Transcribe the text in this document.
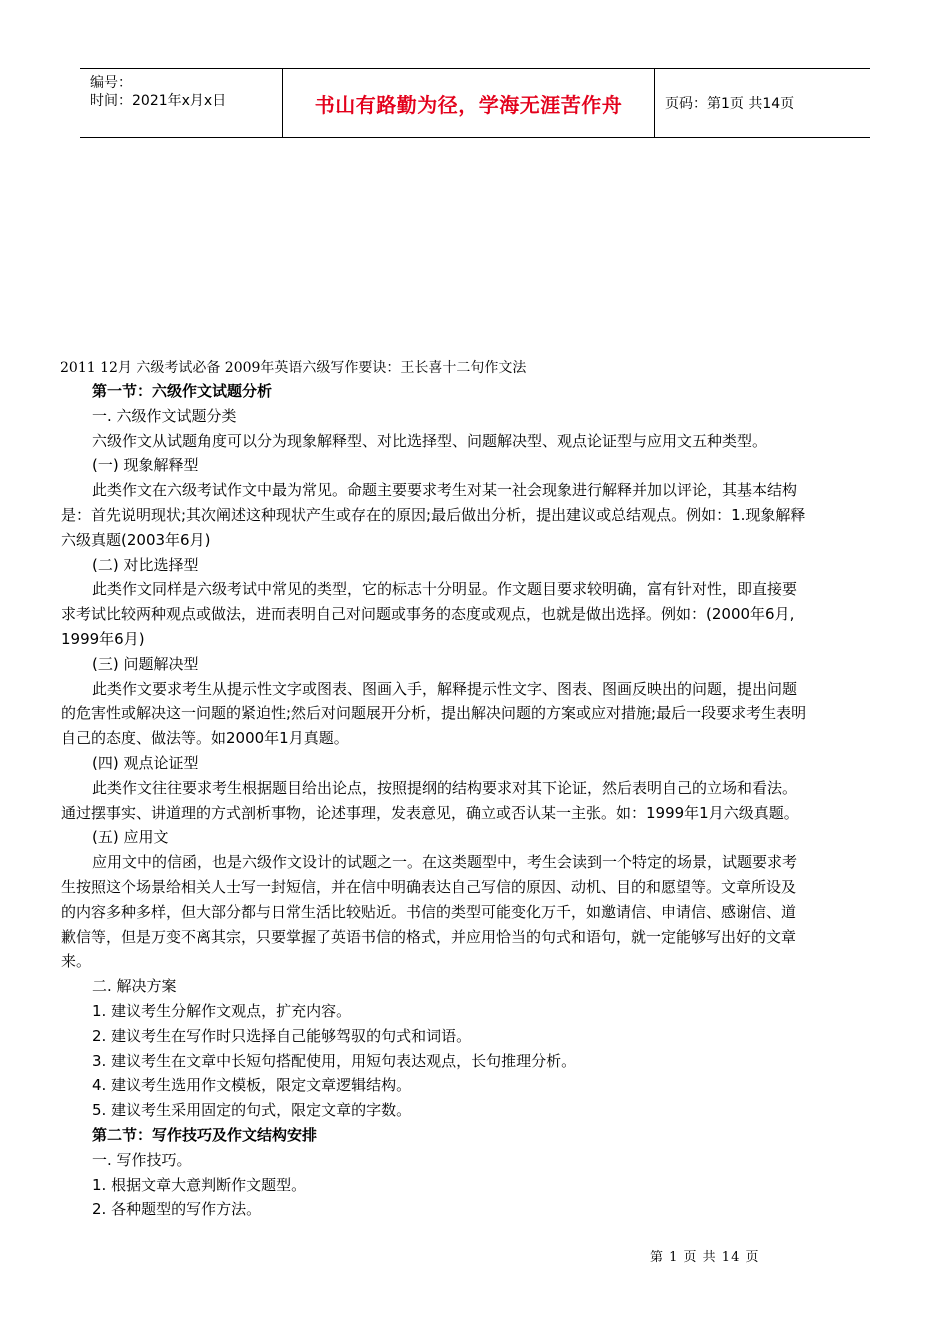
编号：
时间：2021年x月x日	书山有路勤为径，学海无涯苦作舟	页码：第1页 共14页
2011 12月 六级考试必备 2009年英语六级写作要诀：王长喜十二句作文法
第一节：六级作文试题分析
一. 六级作文试题分类
六级作文从试题角度可以分为现象解释型、对比选择型、问题解决型、观点论证型与应用文五种类型。
(一) 现象解释型
此类作文在六级考试作文中最为常见。命题主要要求考生对某一社会现象进行解释并加以评论，其基本结构
是：首先说明现状;其次阐述这种现状产生或存在的原因;最后做出分析，提出建议或总结观点。例如：1.现象解释
六级真题(2003年6月)
(二) 对比选择型
此类作文同样是六级考试中常见的类型，它的标志十分明显。作文题目要求较明确，富有针对性，即直接要
求考试比较两种观点或做法，进而表明自己对问题或事务的态度或观点，也就是做出选择。例如：(2000年6月,
1999年6月)
(三) 问题解决型
此类作文要求考生从提示性文字或图表、图画入手，解释提示性文字、图表、图画反映出的问题，提出问题
的危害性或解决这一问题的紧迫性;然后对问题展开分析，提出解决问题的方案或应对措施;最后一段要求考生表明
自己的态度、做法等。如2000年1月真题。
(四) 观点论证型
此类作文往往要求考生根据题目给出论点，按照提纲的结构要求对其下论证，然后表明自己的立场和看法。
通过摆事实、讲道理的方式剖析事物，论述事理，发表意见，确立或否认某一主张。如：1999年1月六级真题。
(五) 应用文
应用文中的信函，也是六级作文设计的试题之一。在这类题型中，考生会读到一个特定的场景，试题要求考
生按照这个场景给相关人士写一封短信，并在信中明确表达自己写信的原因、动机、目的和愿望等。文章所设及
的内容多种多样，但大部分都与日常生活比较贴近。书信的类型可能变化万千，如邀请信、申请信、感谢信、道
歉信等，但是万变不离其宗，只要掌握了英语书信的格式，并应用恰当的句式和语句，就一定能够写出好的文章
来。
二. 解决方案
1. 建议考生分解作文观点，扩充内容。
2. 建议考生在写作时只选择自己能够驾驭的句式和词语。
3. 建议考生在文章中长短句搭配使用，用短句表达观点，长句推理分析。
4. 建议考生选用作文模板，限定文章逻辑结构。
5. 建议考生采用固定的句式，限定文章的字数。
第二节：写作技巧及作文结构安排
一. 写作技巧。
1. 根据文章大意判断作文题型。
2. 各种题型的写作方法。
第 1 页 共 14 页
